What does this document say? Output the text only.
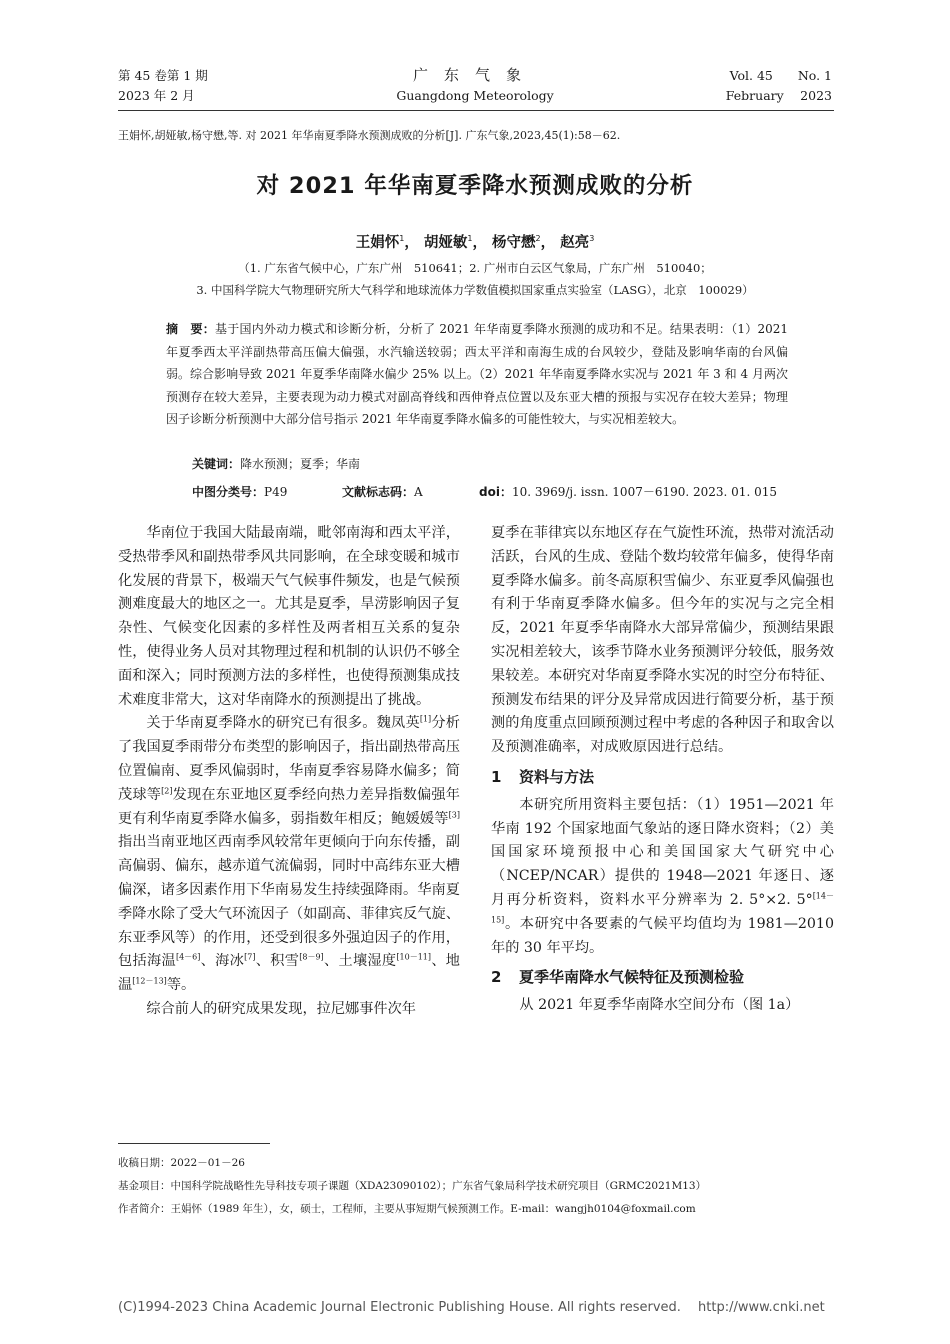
第 45 卷第 1 期
2023 年 2 月
广东气象
Guangdong Meteorology
Vol. 45　　No. 1
February　 2023
王娟怀,胡娅敏,杨守懋,等. 对 2021 年华南夏季降水预测成败的分析[J]. 广东气象,2023,45(1):58－62.
对 2021 年华南夏季降水预测成败的分析
王娟怀$^1$， 胡娅敏$^1$， 杨守懋$^2$， 赵亮$^3$
（1. 广东省气候中心，广东广州　510641；2. 广州市白云区气象局，广东广州　510040；
3. 中国科学院大气物理研究所大气科学和地球流体力学数值模拟国家重点实验室（LASG），北京　100029）
摘　要：基于国内外动力模式和诊断分析，分析了 2021 年华南夏季降水预测的成功和不足。结果表明：（1）2021 年夏季西太平洋副热带高压偏大偏强，水汽输送较弱；西太平洋和南海生成的台风较少，登陆及影响华南的台风偏弱。综合影响导致 2021 年夏季华南降水偏少 25% 以上。（2）2021 年华南夏季降水实况与 2021 年 3 和 4 月两次预测存在较大差异，主要表现为动力模式对副高脊线和西伸脊点位置以及东亚大槽的预报与实况存在较大差异；物理因子诊断分析预测中大部分信号指示 2021 年华南夏季降水偏多的可能性较大，与实况相差较大。
关键词：降水预测；夏季；华南
中图分类号：P49	文献标志码：A	doi：10. 3969/j. issn. 1007－6190. 2023. 01. 015

华南位于我国大陆最南端，毗邻南海和西太平洋，受热带季风和副热带季风共同影响，在全球变暖和城市化发展的背景下，极端天气气候事件频发，也是气候预测难度最大的地区之一。尤其是夏季，旱涝影响因子复杂性、气候变化因素的多样性及两者相互关系的复杂性，使得业务人员对其物理过程和机制的认识仍不够全面和深入；同时预测方法的多样性，也使得预测集成技术难度非常大，这对华南降水的预测提出了挑战。

关于华南夏季降水的研究已有很多。魏凤英[1]分析了我国夏季雨带分布类型的影响因子，指出副热带高压位置偏南、夏季风偏弱时，华南夏季容易降水偏多；简茂球等[2]发现在东亚地区夏季经向热力差异指数偏强年更有利华南夏季降水偏多，弱指数年相反；鲍媛媛等[3]指出当南亚地区西南季风较常年更倾向于向东传播，副高偏弱、偏东，越赤道气流偏弱，同时中高纬东亚大槽偏深，诸多因素作用下华南易发生持续强降雨。华南夏季降水除了受大气环流因子（如副高、菲律宾反气旋、东亚季风等）的作用，还受到很多外强迫因子的作用，包括海温[4－6]、海冰[7]、积雪[8－9]、土壤湿度[10－11]、地温[12－13]等。

综合前人的研究成果发现，拉尼娜事件次年

夏季在菲律宾以东地区存在气旋性环流，热带对流活动活跃，台风的生成、登陆个数均较常年偏多，使得华南夏季降水偏多。前冬高原积雪偏少、东亚夏季风偏强也有利于华南夏季降水偏多。但今年的实况与之完全相反，2021 年夏季华南降水大部异常偏少，预测结果跟实况相差较大，该季节降水业务预测评分较低，服务效果较差。本研究对华南夏季降水实况的时空分布特征、预测发布结果的评分及异常成因进行简要分析，基于预测的角度重点回顾预测过程中考虑的各种因子和取舍以及预测准确率，对成败原因进行总结。

1 资料与方法

本研究所用资料主要包括：（1）1951—2021 年华南 192 个国家地面气象站的逐日降水资料；（2）美国国家环境预报中心和美国国家大气研究中心（NCEP/NCAR）提供的 1948—2021 年逐日、逐月再分析资料，资料水平分辨率为 2. 5°×2. 5°[14－15]。本研究中各要素的气候平均值均为 1981—2010 年的 30 年平均。

2 夏季华南降水气候特征及预测检验

从 2021 年夏季华南降水空间分布（图 1a）

收稿日期：2022－01－26
基金项目：中国科学院战略性先导科技专项子课题（XDA23090102）；广东省气象局科学技术研究项目（GRMC2021M13）
作者简介：王娟怀（1989 年生），女，硕士，工程师，主要从事短期气候预测工作。E-mail：wangjh0104@foxmail.com
(C)1994-2023 China Academic Journal Electronic Publishing House. All rights reserved.　 http://www.cnki.net
